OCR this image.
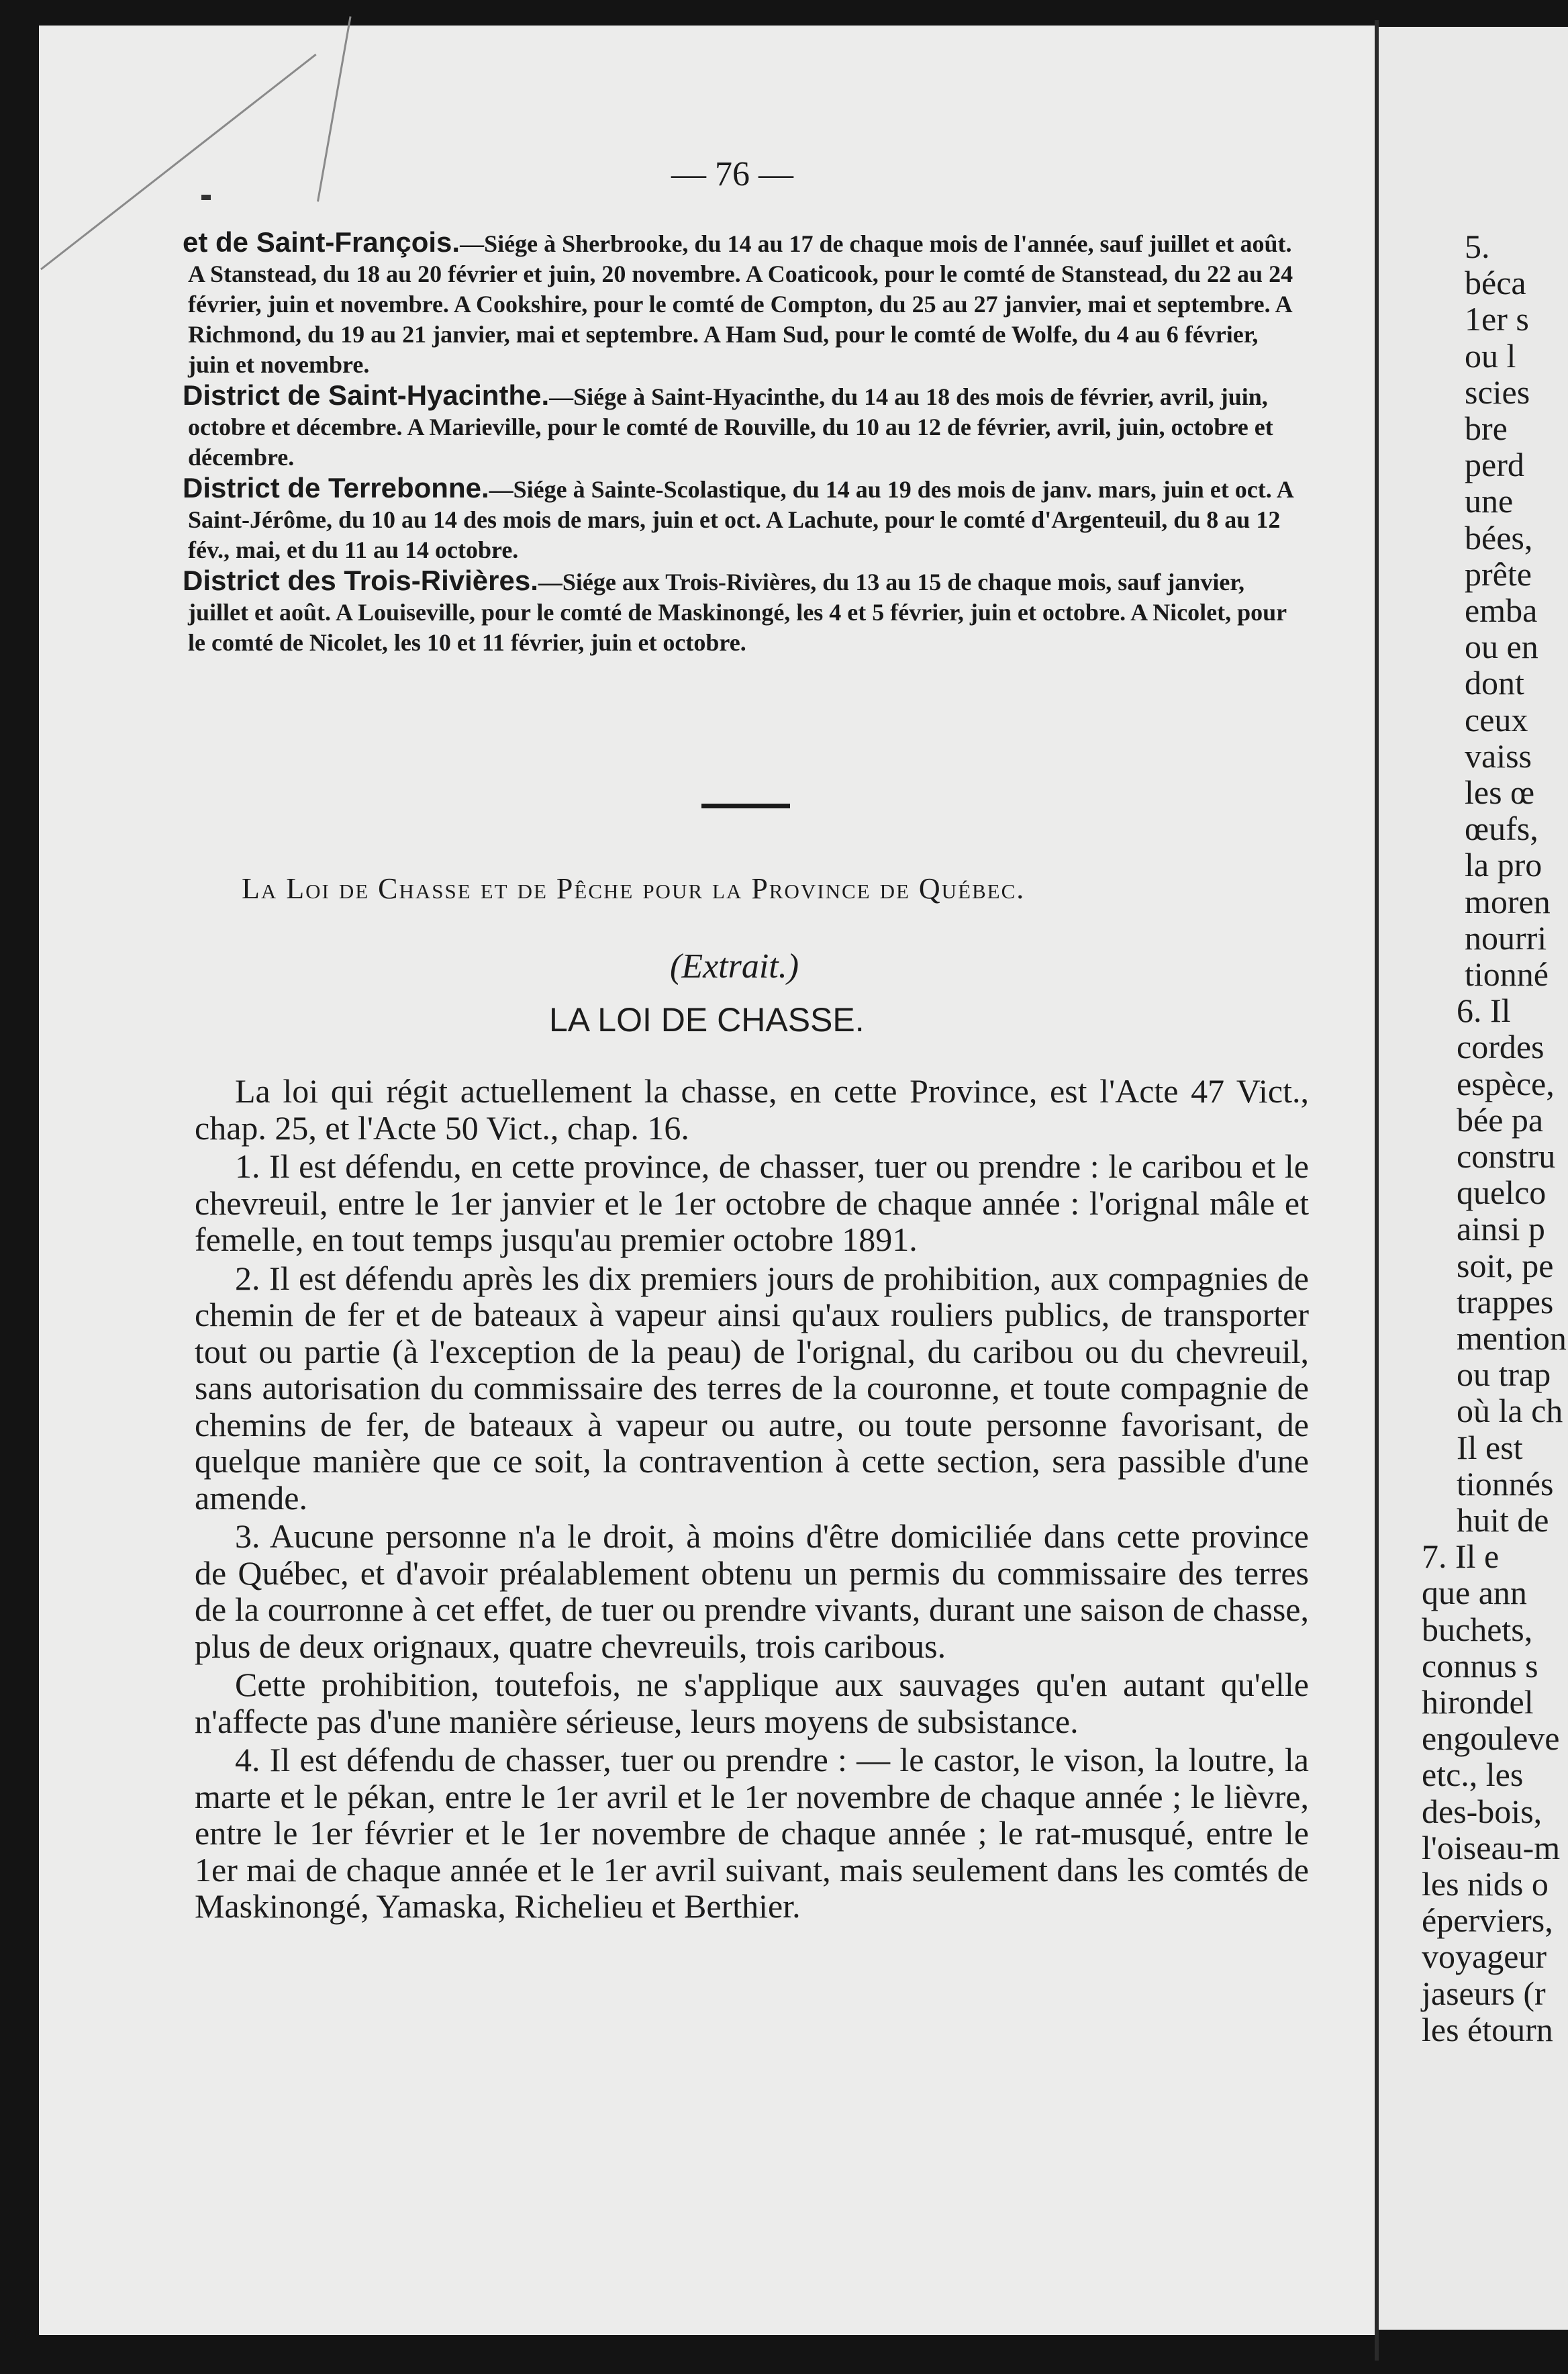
— 76 —

et de Saint-François.—Siége à Sherbrooke, du 14 au 17 de chaque mois de l'année, sauf juillet et août. A Stanstead, du 18 au 20 février et juin, 20 novembre. A Coaticook, pour le comté de Stanstead, du 22 au 24 février, juin et novembre. A Cookshire, pour le comté de Compton, du 25 au 27 janvier, mai et septembre. A Richmond, du 19 au 21 janvier, mai et septembre. A Ham Sud, pour le comté de Wolfe, du 4 au 6 février, juin et novembre.

District de Saint-Hyacinthe.—Siége à Saint-Hyacinthe, du 14 au 18 des mois de février, avril, juin, octobre et décembre. A Marieville, pour le comté de Rouville, du 10 au 12 de février, avril, juin, octobre et décembre.

District de Terrebonne.—Siége à Sainte-Scolastique, du 14 au 19 des mois de janv. mars, juin et oct. A Saint-Jérôme, du 10 au 14 des mois de mars, juin et oct. A Lachute, pour le comté d'Argenteuil, du 8 au 12 fév., mai, et du 11 au 14 octobre.

District des Trois-Rivières.—Siége aux Trois-Rivières, du 13 au 15 de chaque mois, sauf janvier, juillet et août. A Louiseville, pour le comté de Maskinongé, les 4 et 5 février, juin et octobre. A Nicolet, pour le comté de Nicolet, les 10 et 11 février, juin et octobre.

La Loi de Chasse et de Pêche pour la Province de Québec.
(Extrait.)
LA LOI DE CHASSE.

La loi qui régit actuellement la chasse, en cette Province, est l'Acte 47 Vict., chap. 25, et l'Acte 50 Vict., chap. 16.

1. Il est défendu, en cette province, de chasser, tuer ou prendre : le caribou et le chevreuil, entre le 1er janvier et le 1er octobre de chaque année : l'orignal mâle et femelle, en tout temps jusqu'au premier octobre 1891.

2. Il est défendu après les dix premiers jours de prohibition, aux compagnies de chemin de fer et de bateaux à vapeur ainsi qu'aux rouliers publics, de transporter tout ou partie (à l'exception de la peau) de l'orignal, du caribou ou du chevreuil, sans autorisation du commissaire des terres de la couronne, et toute compagnie de chemins de fer, de bateaux à vapeur ou autre, ou toute personne favorisant, de quelque manière que ce soit, la contravention à cette section, sera passible d'une amende.

3. Aucune personne n'a le droit, à moins d'être domiciliée dans cette province de Québec, et d'avoir préalablement obtenu un permis du commissaire des terres de la courronne à cet effet, de tuer ou prendre vivants, durant une saison de chasse, plus de deux orignaux, quatre chevreuils, trois caribous.

Cette prohibition, toutefois, ne s'applique aux sauvages qu'en autant qu'elle n'affecte pas d'une manière sérieuse, leurs moyens de subsistance.

4. Il est défendu de chasser, tuer ou prendre : — le castor, le vison, la loutre, la marte et le pékan, entre le 1er avril et le 1er novembre de chaque année ; le lièvre, entre le 1er février et le 1er novembre de chaque année ; le rat-musqué, entre le 1er mai de chaque année et le 1er avril suivant, mais seulement dans les comtés de Maskinongé, Yamaska, Richelieu et Berthier.

5.
béca
1er s
ou l
scies
bre
perd
une
bées,
prête
emba
ou en
dont
ceux
vaiss
les œ
œufs,
la pro
moren
nourri
tionné
6. Il
cordes
espèce,
bée pa
constru
quelco
ainsi p
soit, pe
trappes
mention
ou trap
où la ch
Il est
tionnés
huit de
7. Il e
que ann
buchets,
connus s
hirondel
engouleve
etc., les
des-bois,
l'oiseau-m
les nids o
éperviers,
voyageur
jaseurs (r
les étourn
